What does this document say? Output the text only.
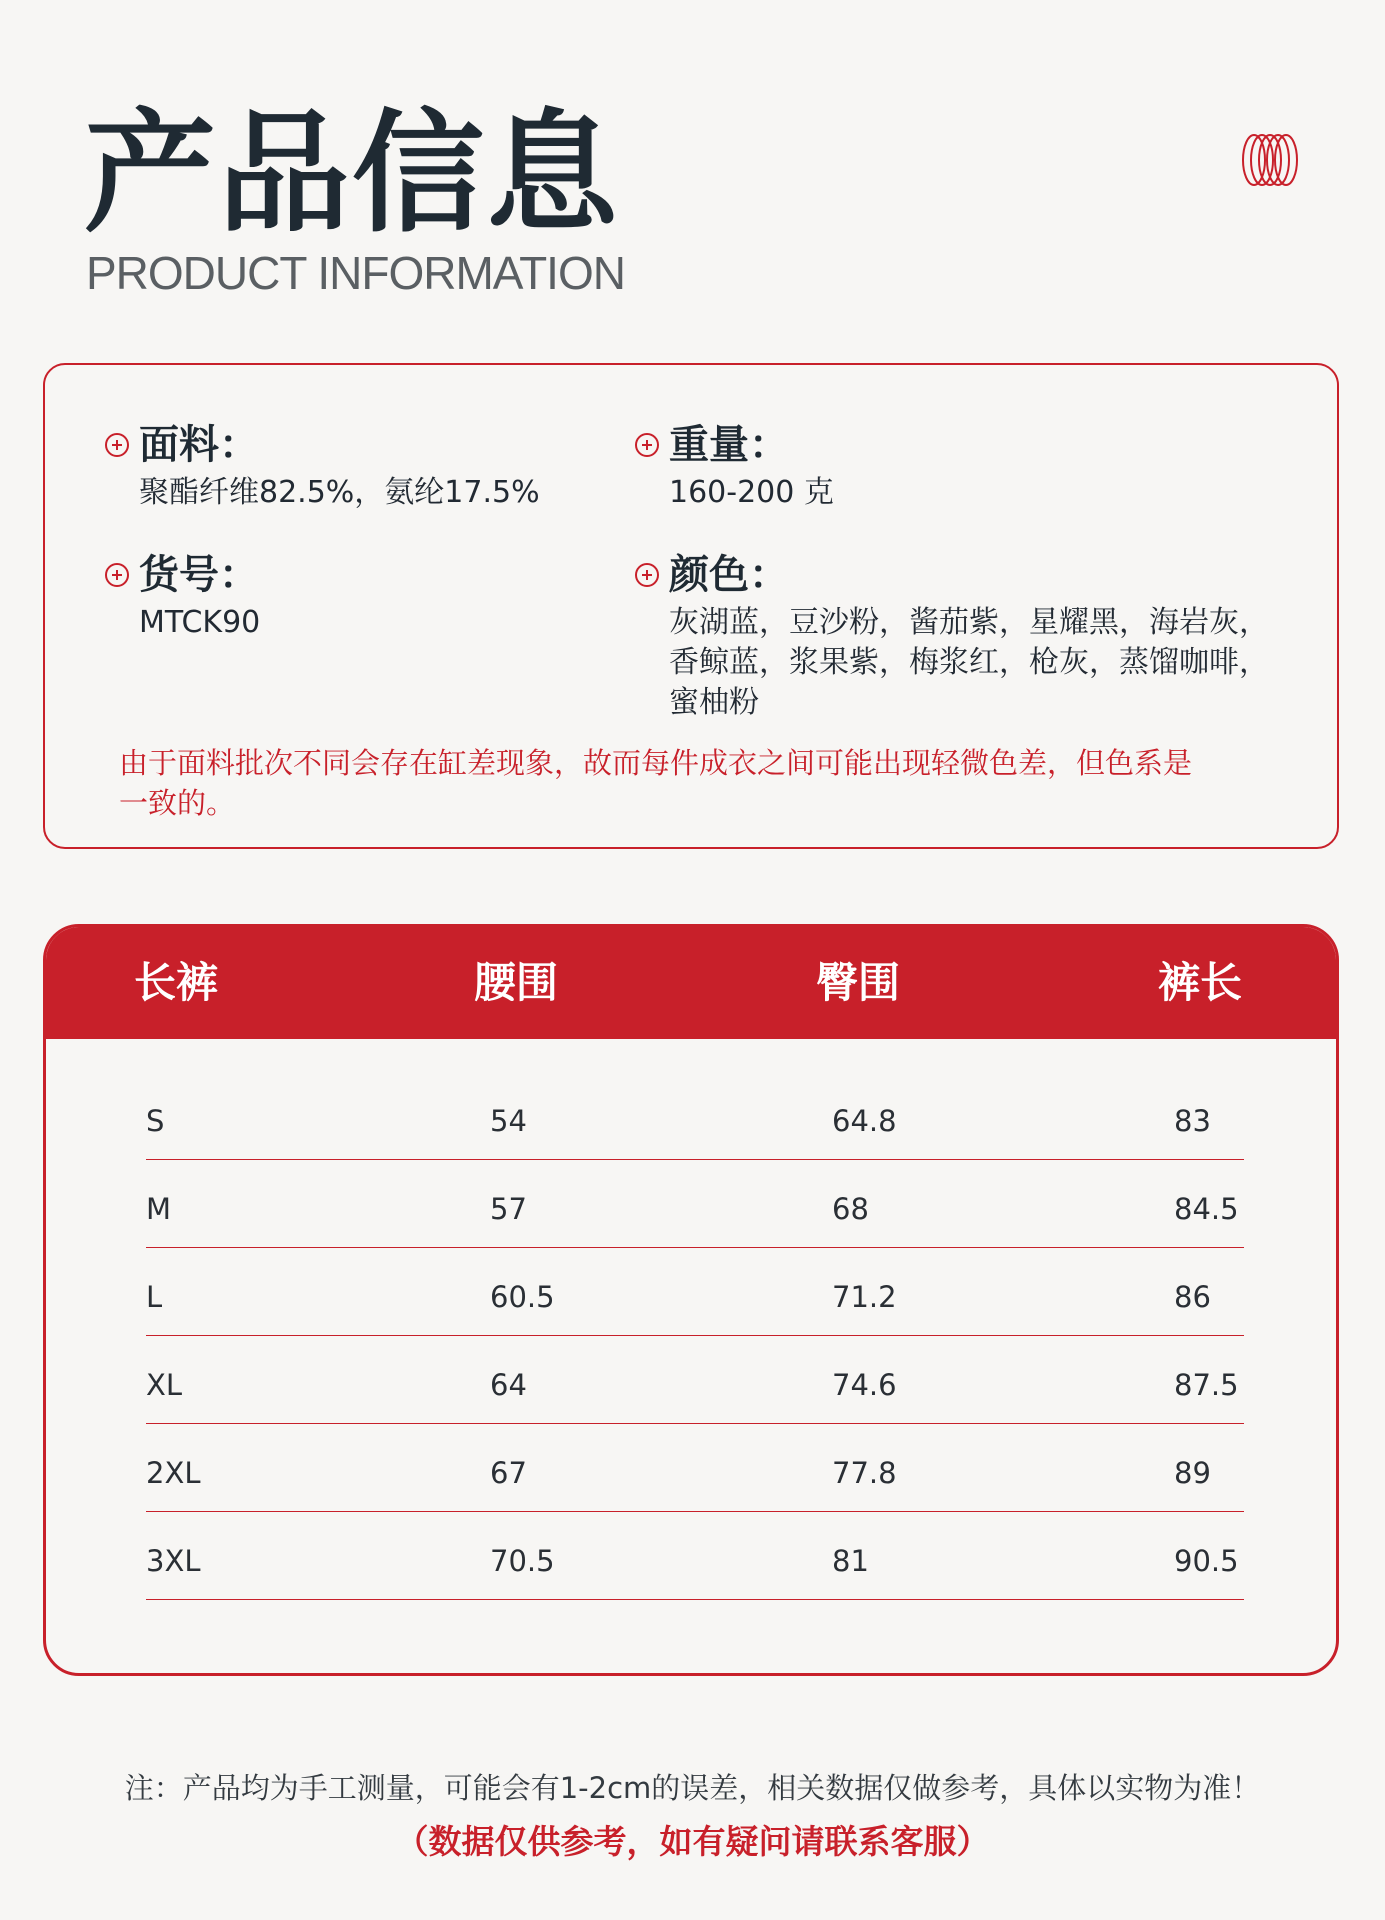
产品信息
PRODUCT INFORMATION
面料：
聚酯纤维82.5%，氨纶17.5%
重量：
160-200 克
货号：
MTCK90
颜色：
灰湖蓝，豆沙粉，酱茄紫，星耀黑，海岩灰，
香鲸蓝，浆果紫，梅浆红，枪灰，蒸馏咖啡，
蜜柚粉
由于面料批次不同会存在缸差现象，故而每件成衣之间可能出现轻微色差，但色系是
一致的。
长裤	腰围	臀围	裤长
S	54	64.8	83
M	57	68	84.5
L	60.5	71.2	86
XL	64	74.6	87.5
2XL	67	77.8	89
3XL	70.5	81	90.5
注：产品均为手工测量，可能会有1-2cm的误差，相关数据仅做参考，具体以实物为准！
（数据仅供参考，如有疑问请联系客服）
